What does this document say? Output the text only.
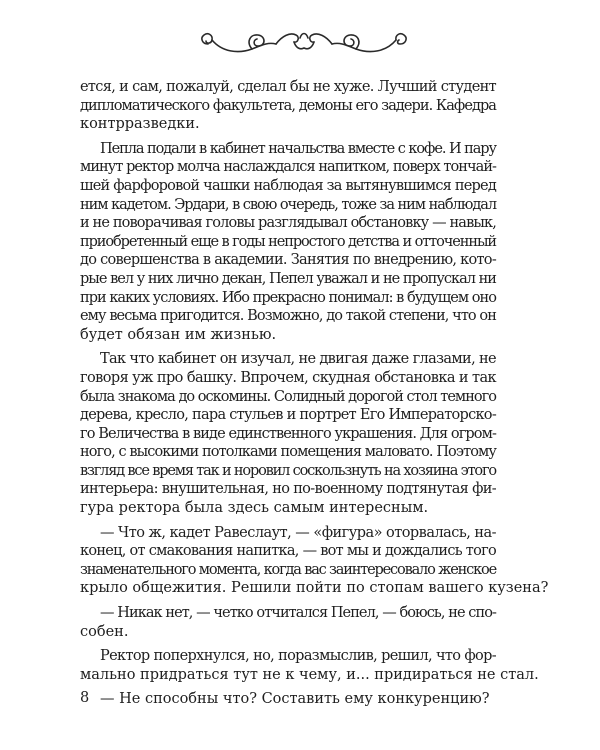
ется, и сам, пожалуй, сделал бы не хуже. Лучший студент
дипломатического факультета, демоны его задери. Кафедра
контрразведки.
Пепла подали в кабинет начальства вместе с кофе. И пару
минут ректор молча наслаждался напитком, поверх тончай-
шей фарфоровой чашки наблюдая за вытянувшимся перед
ним кадетом. Эрдари, в свою очередь, тоже за ним наблюдал
и не поворачивая головы разглядывал обстановку — навык,
приобретенный еще в годы непростого детства и отточенный
до совершенства в академии. Занятия по внедрению, кото-
рые вел у них лично декан, Пепел уважал и не пропускал ни
при каких условиях. Ибо прекрасно понимал: в будущем оно
ему весьма пригодится. Возможно, до такой степени, что он
будет обязан им жизнью.
Так что кабинет он изучал, не двигая даже глазами, не
говоря уж про башку. Впрочем, скудная обстановка и так
была знакома до оскомины. Солидный дорогой стол темного
дерева, кресло, пара стульев и портрет Его Императорско-
го Величества в виде единственного украшения. Для огром-
ного, с высокими потолками помещения маловато. Поэтому
взгляд все время так и норовил соскользнуть на хозяина этого
интерьера: внушительная, но по-военному подтянутая фи-
гура ректора была здесь самым интересным.
— Что ж, кадет Равеслаут, — «фигура» оторвалась, на-
конец, от смакования напитка, — вот мы и дождались того
знаменательного момента, когда вас заинтересовало женское
крыло общежития. Решили пойти по стопам вашего кузена?
— Никак нет, — четко отчитался Пепел, — боюсь, не спо-
собен.
Ректор поперхнулся, но, поразмыслив, решил, что фор-
мально придраться тут не к чему, и... придираться не стал.
— Не способны что? Составить ему конкуренцию?
8
